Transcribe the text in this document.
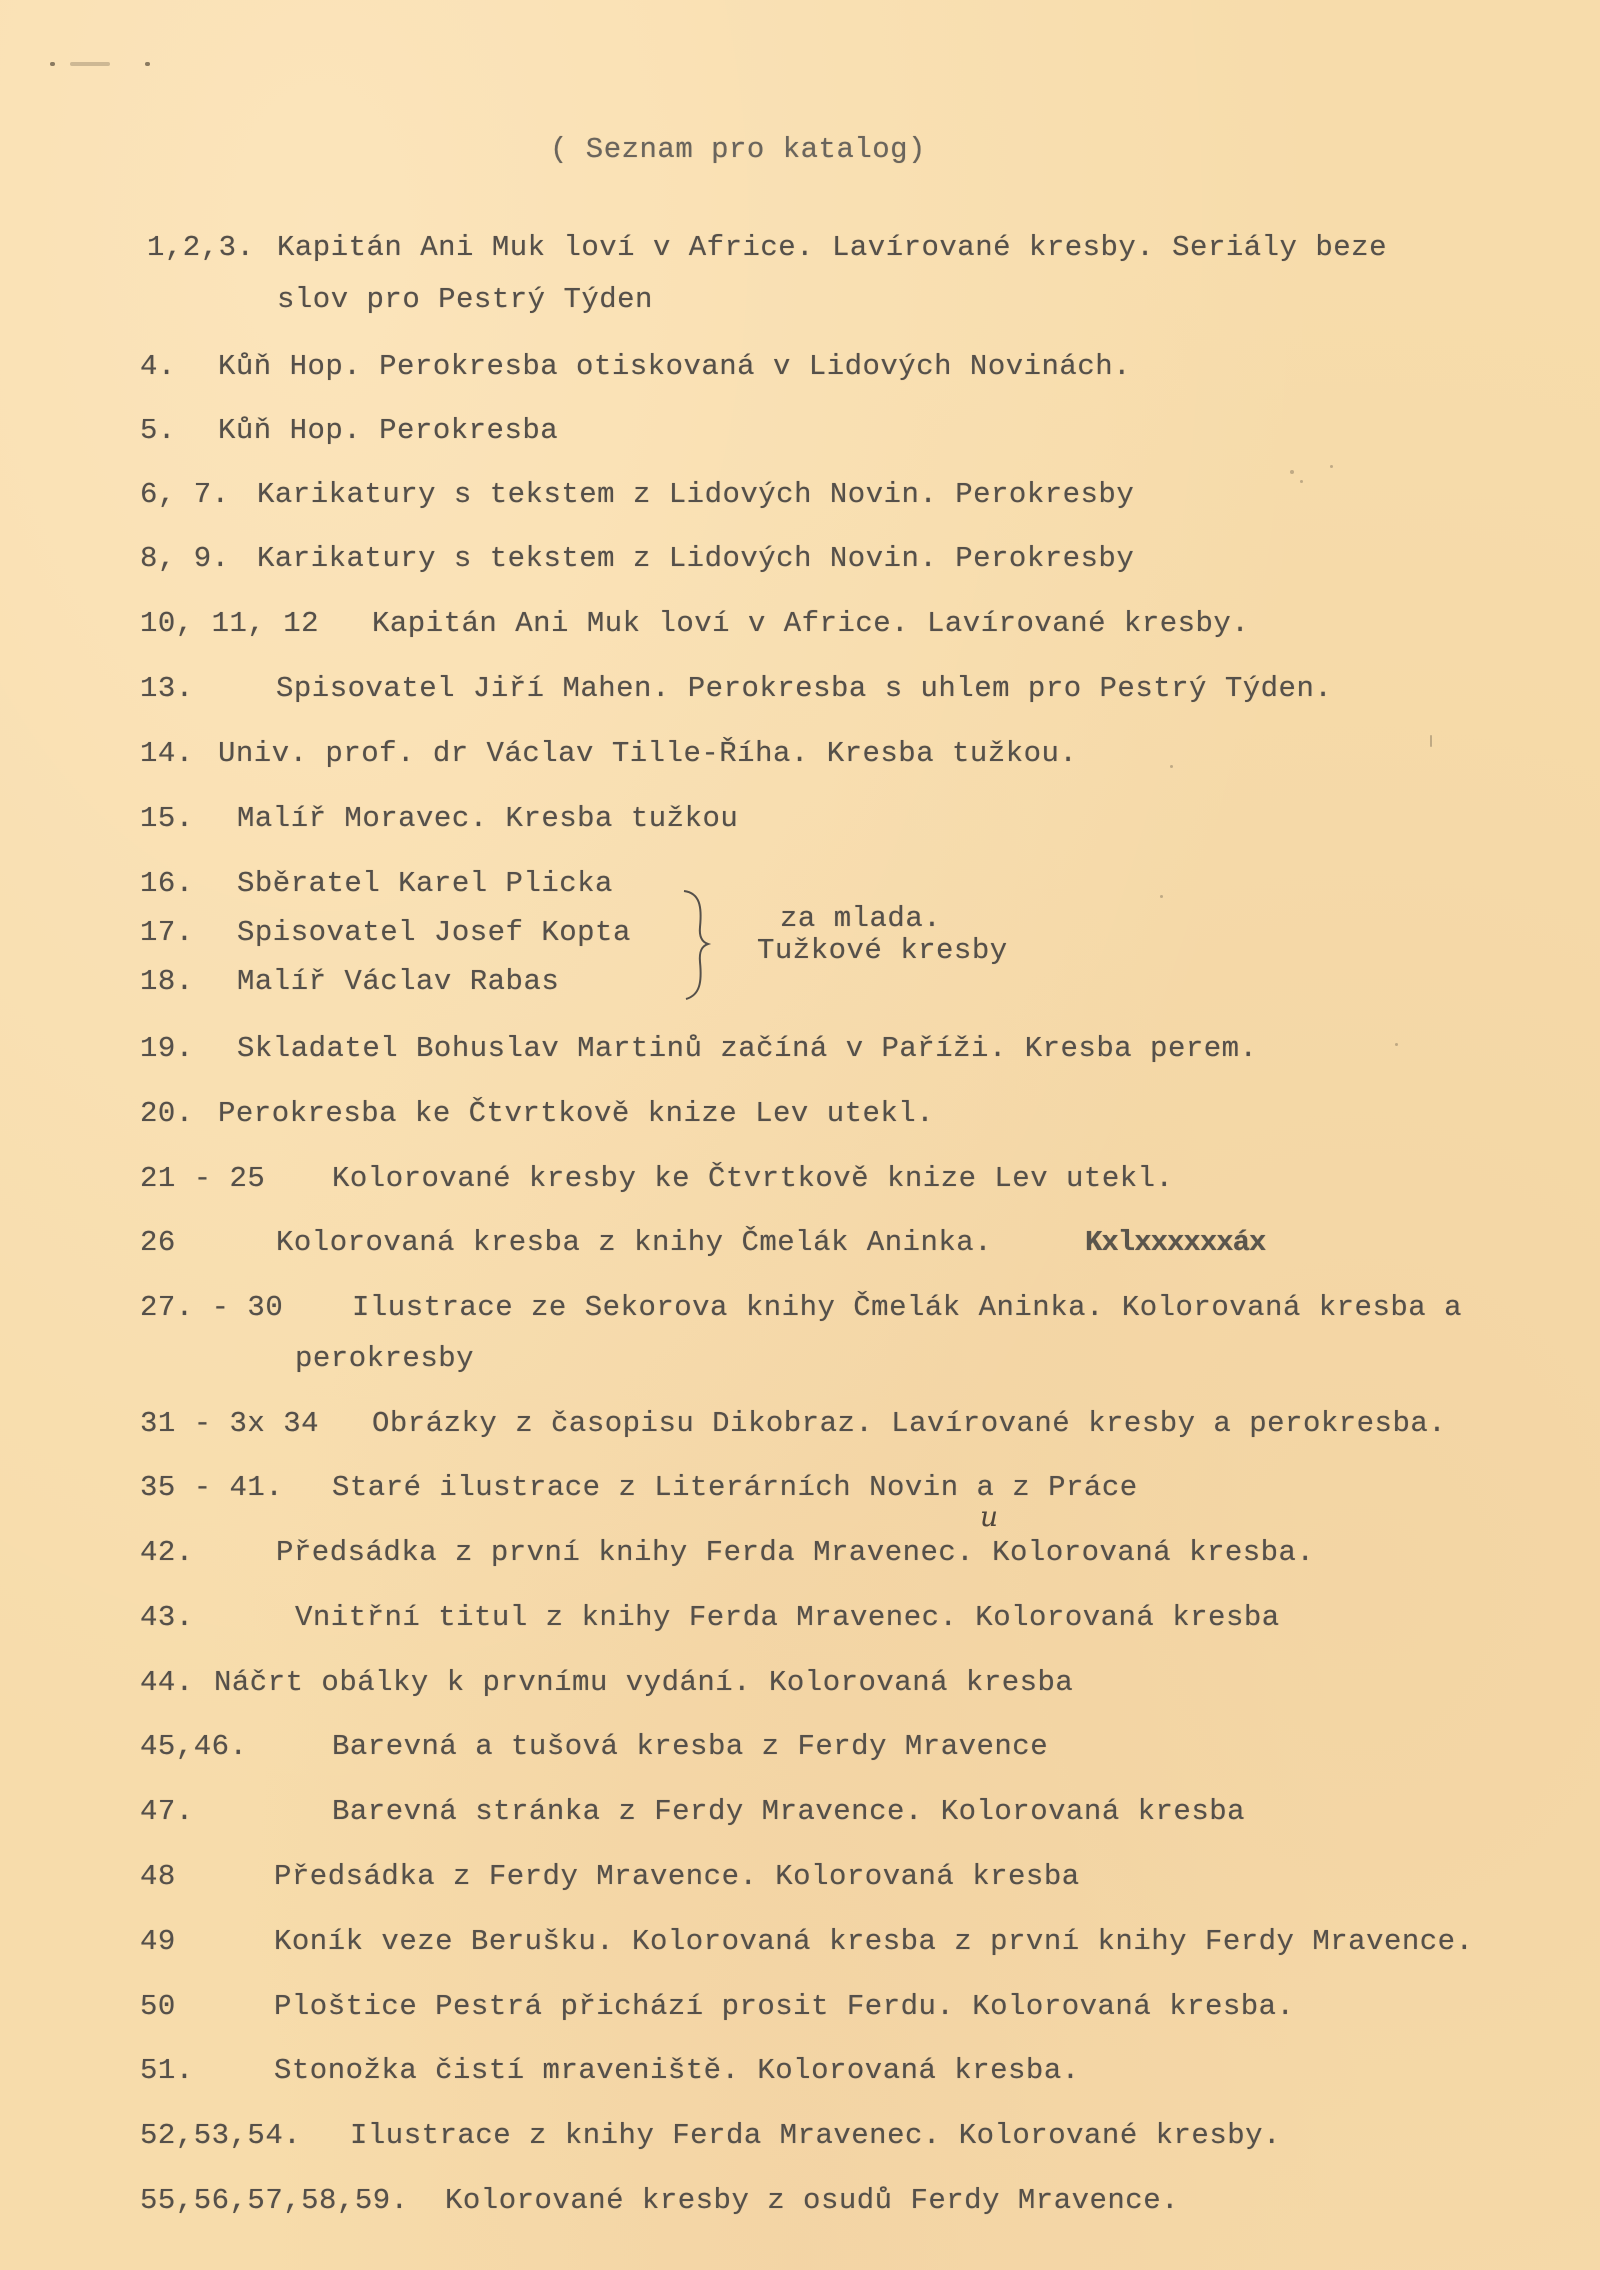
( Seznam pro katalog)
1,2,3. Kapitán Ani Muk loví v Africe. Lavírované kresby. Seriály beze
slov pro Pestrý Týden
4. Kůň Hop. Perokresba otiskovaná v Lidových Novinách.
5. Kůň Hop. Perokresba
6, 7. Karikatury s tekstem z Lidových Novin. Perokresby
8, 9. Karikatury s tekstem z Lidových Novin. Perokresby
10, 11, 12 Kapitán Ani Muk loví v Africe. Lavírované kresby.
13.	Spisovatel Jiří Mahen. Perokresba s uhlem pro Pestrý Týden.
14. Univ. prof. dr Václav Tille-Říha. Kresba tužkou.
15. Malíř Moravec. Kresba tužkou
16. Sběratel Karel Plicka
17. Spisovatel Josef Kopta
18. Malíř Václav Rabas
za mlada.
Tužkové kresby
19. Skladatel Bohuslav Martinů začíná v Paříži. Kresba perem.
20. Perokresba ke Čtvrtkově knize Lev utekl.
21 - 25 Kolorované kresby ke Čtvrtkově knize Lev utekl.
26	Kolorovaná kresba z knihy Čmelák Aninka.	Kxlxxxxxxáx
27. - 30 Ilustrace ze Sekorova knihy Čmelák Aninka. Kolorovaná kresba a
perokresby
31 - 3x 34 Obrázky z časopisu Dikobraz. Lavírované kresby a perokresba.
35 - 41. Staré ilustrace z Literárních Novin a z Práce
u
42.	Předsádka z první knihy Ferda Mravenec. Kolorovaná kresba.
43.	Vnitřní titul z knihy Ferda Mravenec. Kolorovaná kresba
44. Náčrt obálky k prvnímu vydání. Kolorovaná kresba
45,46.	Barevná a tušová kresba z Ferdy Mravence
47.	Barevná stránka z Ferdy Mravence. Kolorovaná kresba
48	Předsádka z Ferdy Mravence. Kolorovaná kresba
49	Koník veze Berušku. Kolorovaná kresba z první knihy Ferdy Mravence.
50	Ploštice Pestrá přichází prosit Ferdu. Kolorovaná kresba.
51.	Stonožka čistí mraveniště. Kolorovaná kresba.
52,53,54. Ilustrace z knihy Ferda Mravenec. Kolorované kresby.
55,56,57,58,59. Kolorované kresby z osudů Ferdy Mravence.
